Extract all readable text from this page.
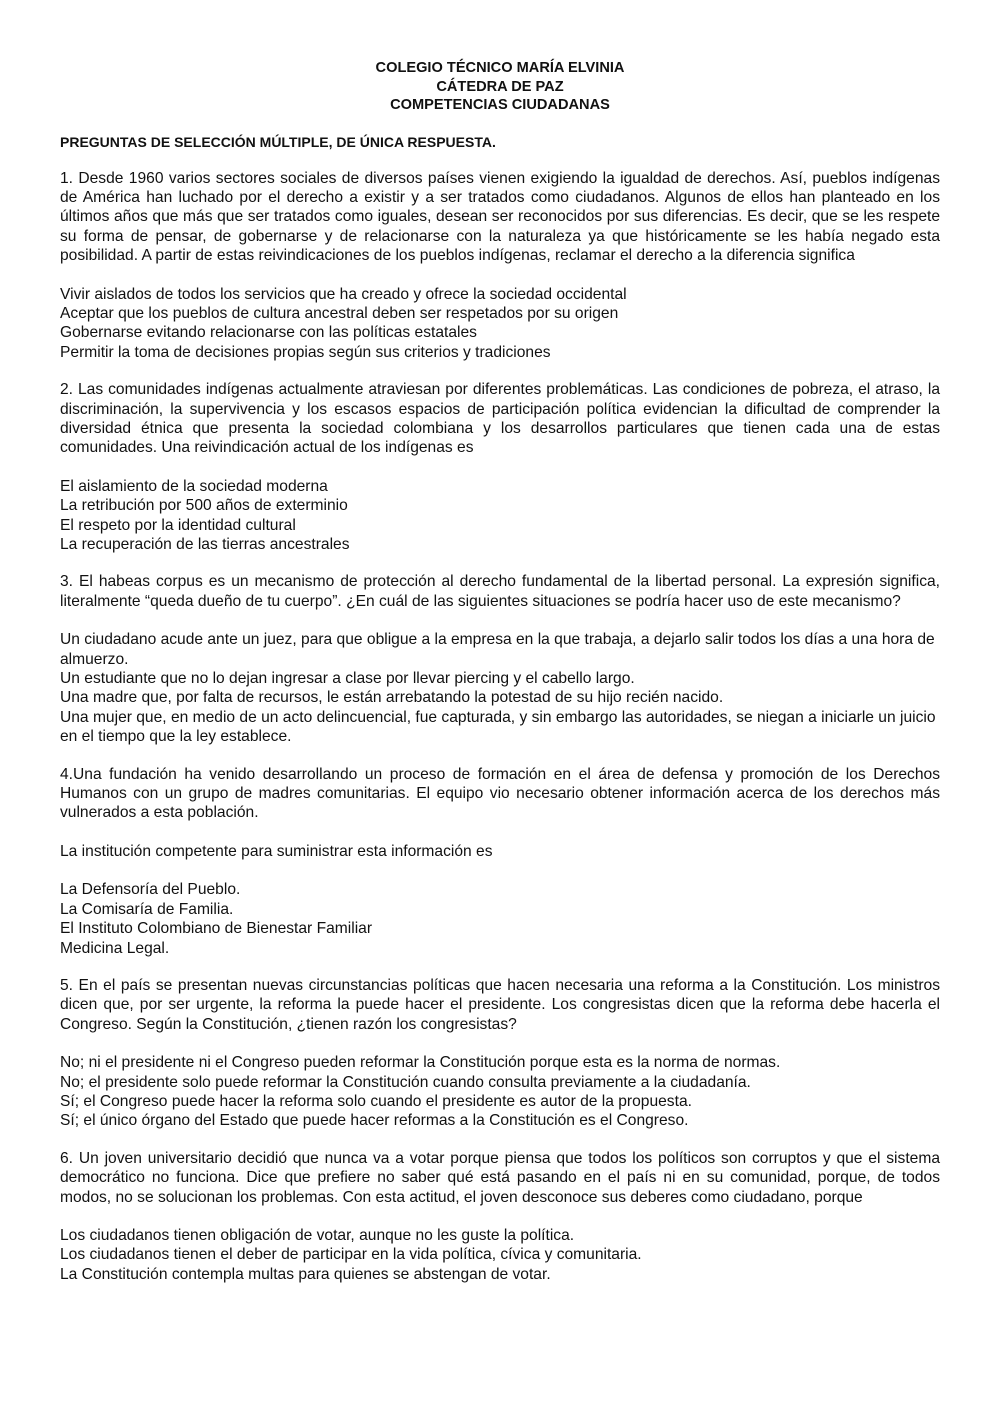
COLEGIO TÉCNICO MARÍA ELVINIA
CÁTEDRA DE PAZ
COMPETENCIAS CIUDADANAS
PREGUNTAS DE SELECCIÓN MÚLTIPLE, DE ÚNICA RESPUESTA.
1. Desde 1960 varios sectores sociales de diversos países vienen exigiendo la igualdad de derechos. Así, pueblos indígenas de América han luchado por el derecho a existir y a ser tratados como ciudadanos. Algunos de ellos han planteado en los últimos años que más que ser tratados como iguales, desean ser reconocidos por sus diferencias. Es decir, que se les respete su forma de pensar, de gobernarse y de relacionarse con la naturaleza ya que históricamente se les había negado esta posibilidad. A partir de estas reivindicaciones de los pueblos indígenas, reclamar el derecho a la diferencia significa
Vivir aislados de todos los servicios que ha creado y ofrece la sociedad occidental
Aceptar que los pueblos de cultura ancestral deben ser respetados por su origen
Gobernarse evitando relacionarse con las políticas estatales
Permitir la toma de decisiones propias según sus criterios y tradiciones
2. Las comunidades indígenas actualmente atraviesan por diferentes problemáticas. Las condiciones de pobreza, el atraso, la discriminación, la supervivencia y los escasos espacios de participación política evidencian la dificultad de comprender la diversidad étnica que presenta la sociedad colombiana y los desarrollos particulares que tienen cada una de estas comunidades. Una reivindicación actual de los indígenas es
El aislamiento de la sociedad moderna
La retribución por 500 años de exterminio
El respeto por la identidad cultural
La recuperación de las tierras ancestrales
3. El habeas corpus es un mecanismo de protección al derecho fundamental de la libertad personal. La expresión significa, literalmente “queda dueño de tu cuerpo”. ¿En cuál de las siguientes situaciones se podría hacer uso de este mecanismo?
Un ciudadano acude ante un juez, para que obligue a la empresa en la que trabaja, a dejarlo salir todos los días a una hora de almuerzo.
Un estudiante que no lo dejan ingresar a clase por llevar piercing y el cabello largo.
Una madre que, por falta de recursos, le están arrebatando la potestad de su hijo recién nacido.
Una mujer que, en medio de un acto delincuencial, fue capturada, y sin embargo las autoridades, se niegan a iniciarle un juicio en el tiempo que la ley establece.
4.Una fundación ha venido desarrollando un proceso de formación en el área de defensa y promoción de los Derechos Humanos con un grupo de madres comunitarias. El equipo vio necesario obtener información acerca de los derechos más vulnerados a esta población.
La institución competente para suministrar esta información es
La Defensoría del Pueblo.
La Comisaría de Familia.
El Instituto Colombiano de Bienestar Familiar
Medicina Legal.
5. En el país se presentan nuevas circunstancias políticas que hacen necesaria una reforma a la Constitución. Los ministros dicen que, por ser urgente, la reforma la puede hacer el presidente. Los congresistas dicen que la reforma debe hacerla el Congreso. Según la Constitución, ¿tienen razón los congresistas?
No; ni el presidente ni el Congreso pueden reformar la Constitución porque esta es la norma de normas.
No; el presidente solo puede reformar la Constitución cuando consulta previamente a la ciudadanía.
Sí; el Congreso puede hacer la reforma solo cuando el presidente es autor de la propuesta.
Sí; el único órgano del Estado que puede hacer reformas a la Constitución es el Congreso.
6. Un joven universitario decidió que nunca va a votar porque piensa que todos los políticos son corruptos y que el sistema democrático no funciona. Dice que prefiere no saber qué está pasando en el país ni en su comunidad, porque, de todos modos, no se solucionan los problemas. Con esta actitud, el joven desconoce sus deberes como ciudadano, porque
Los ciudadanos tienen obligación de votar, aunque no les guste la política.
Los ciudadanos tienen el deber de participar en la vida política, cívica y comunitaria.
La Constitución contempla multas para quienes se abstengan de votar.
